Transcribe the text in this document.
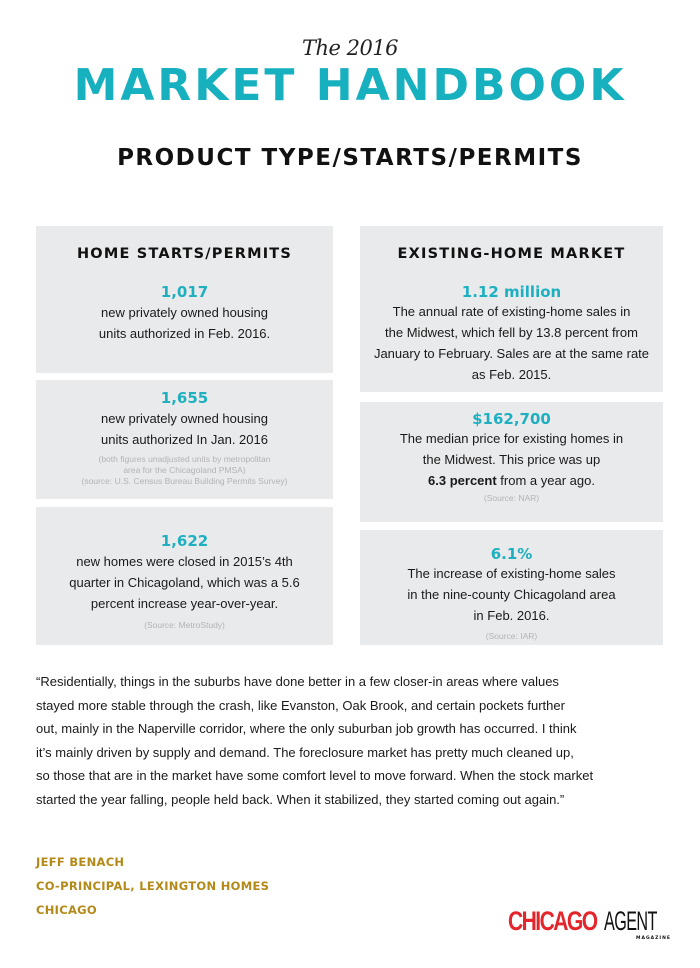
The 2016
MARKET HANDBOOK
PRODUCT TYPE/STARTS/PERMITS
HOME STARTS/PERMITS
1,017
new privately owned housing
units authorized in Feb. 2016.
1,655
new privately owned housing
units authorized In Jan. 2016
(both figures unadjusted units by metropolitan
area for the Chicagoland PMSA)
(source: U.S. Census Bureau Building Permits Survey)
1,622
new homes were closed in 2015’s 4th
quarter in Chicagoland, which was a 5.6
percent increase year-over-year.
(Source: MetroStudy)
EXISTING-HOME MARKET
1.12 million
The annual rate of existing-home sales in
the Midwest, which fell by 13.8 percent from
January to February. Sales are at the same rate
as Feb. 2015.
$162,700
The median price for existing homes in
the Midwest. This price was up
6.3 percent from a year ago.
(Source: NAR)
6.1%
The increase of existing-home sales
in the nine-county Chicagoland area
in Feb. 2016.
(Source: IAR)
“Residentially, things in the suburbs have done better in a few closer-in areas where values
stayed more stable through the crash, like Evanston, Oak Brook, and certain pockets further
out, mainly in the Naperville corridor, where the only suburban job growth has occurred. I think
it’s mainly driven by supply and demand. The foreclosure market has pretty much cleaned up,
so those that are in the market have some comfort level to move forward. When the stock market
started the year falling, people held back. When it stabilized, they started coming out again.”
JEFF BENACH
CO-PRINCIPAL, LEXINGTON HOMES
CHICAGO	CHICAGO AGENT
MAGAZINE
